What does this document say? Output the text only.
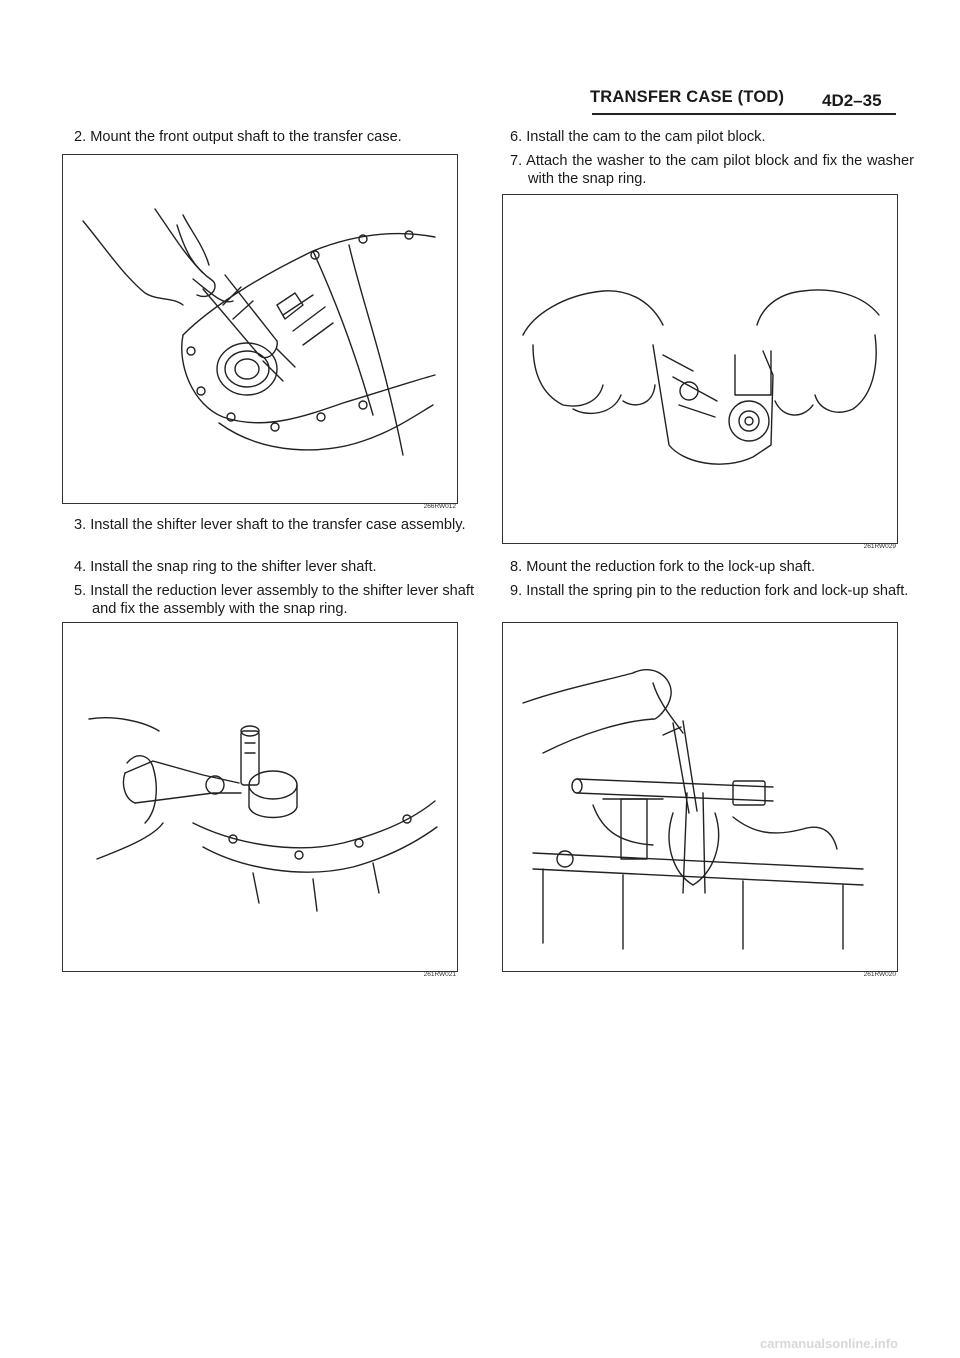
TRANSFER CASE (TOD) 4D2–35
2. Mount the front output shaft to the transfer case.
266RW012
3. Install the shifter lever shaft to the transfer case assembly.
4. Install the snap ring to the shifter lever shaft.
5. Install the reduction lever assembly to the shifter lever shaft and fix the assembly with the snap ring.
261RW021
6. Install the cam to the cam pilot block.
7. Attach the washer to the cam pilot block and fix the washer with the snap ring.
261RW029
8. Mount the reduction fork to the lock-up shaft.
9. Install the spring pin to the reduction fork and lock-up shaft.
261RW020
carmanualsonline.info
